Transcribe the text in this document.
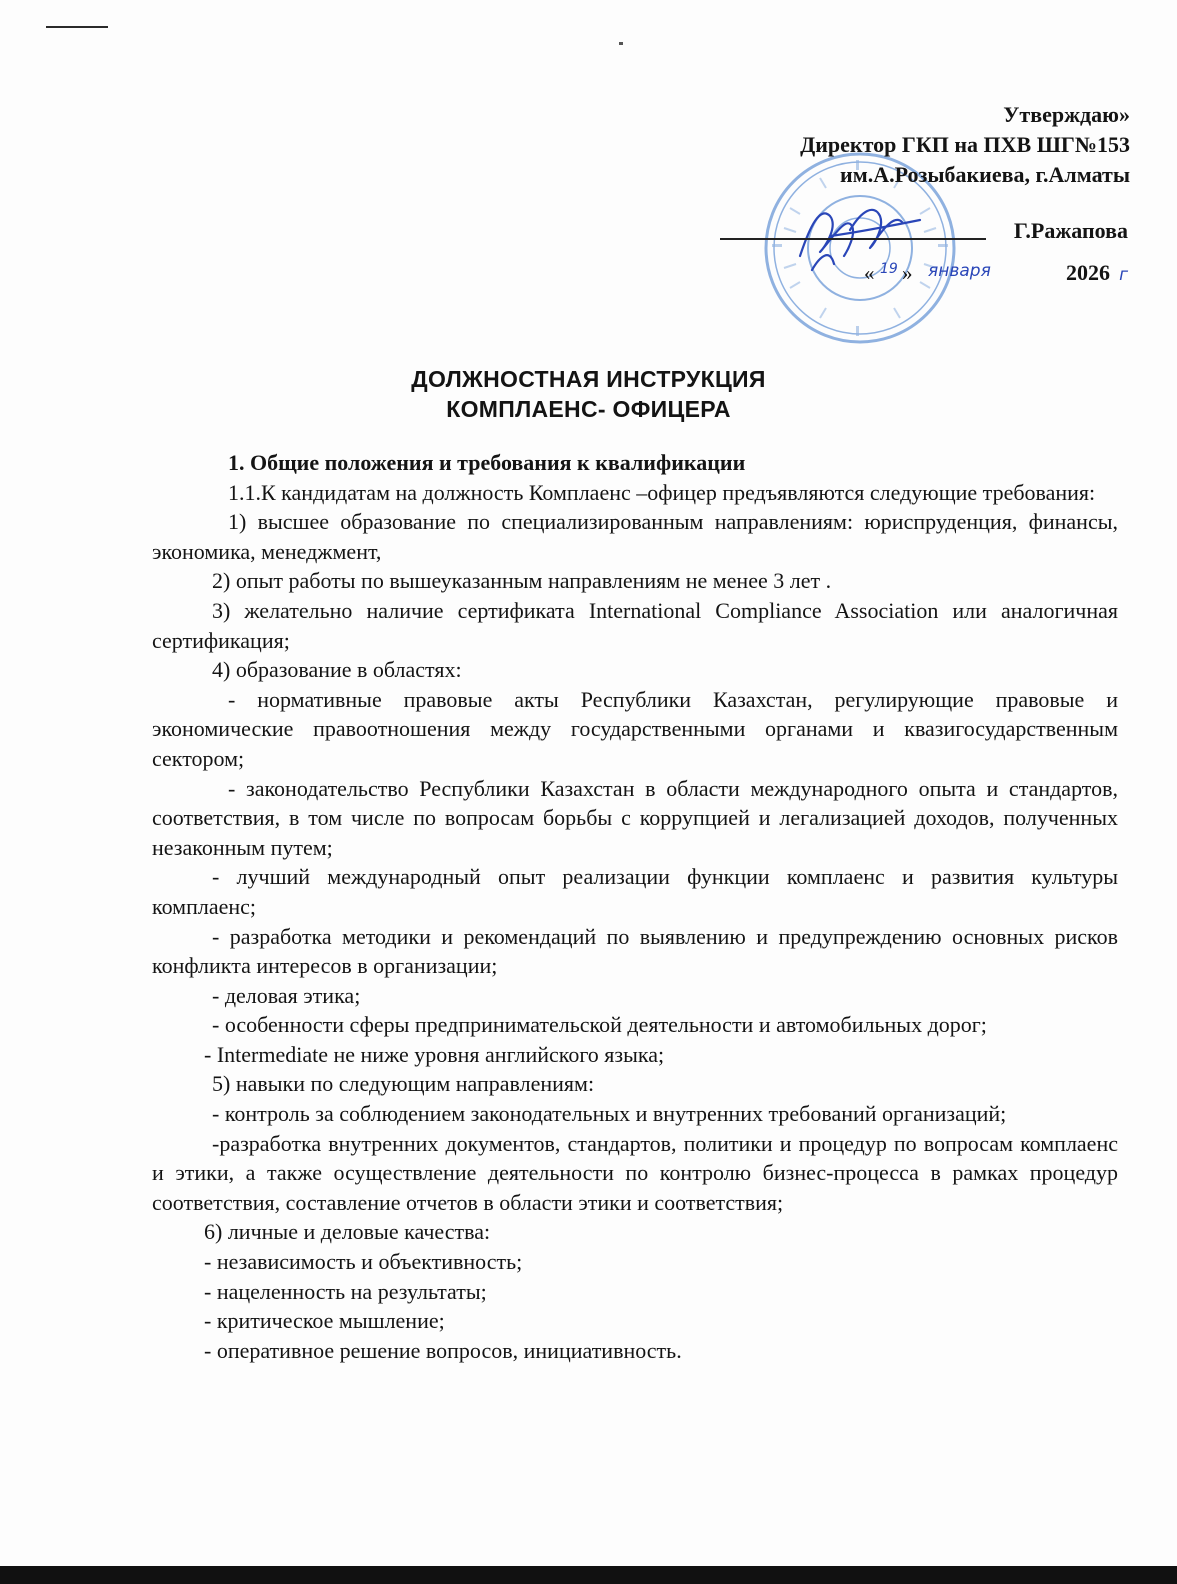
Утверждаю»
Директор ГКП на ПХВ ШГ№153
им.А.Розыбакиева, г.Алматы
Г.Ражапова
« 19 » января	2026 г
ДОЛЖНОСТНАЯ ИНСТРУКЦИЯ
КОМПЛАЕНС- ОФИЦЕРА

1. Общие положения и требования к квалификации

1.1.К кандидатам на должность Комплаенс –офицер предъявляются следующие требования:

1) высшее образование по специализированным направлениям: юриспруденция, финансы, экономика, менеджмент,

2) опыт работы по вышеуказанным направлениям не менее 3 лет .

3) желательно наличие сертификата International Compliance Association или аналогичная сертификация;

4) образование в областях:

- нормативные правовые акты Республики Казахстан, регулирующие правовые и экономические правоотношения между государственными органами и квазигосударственным сектором;

- законодательство Республики Казахстан в области международного опыта и стандартов, соответствия, в том числе по вопросам борьбы с коррупцией и легализацией доходов, полученных незаконным путем;

- лучший международный опыт реализации функции комплаенс и развития культуры комплаенс;

- разработка методики и рекомендаций по выявлению и предупреждению основных рисков конфликта интересов в организации;

- деловая этика;

- особенности сферы предпринимательской деятельности и автомобильных дорог;

- Intermediate не ниже уровня английского языка;

5) навыки по следующим направлениям:

- контроль за соблюдением законодательных и внутренних требований организаций;

-разработка внутренних документов, стандартов, политики и процедур по вопросам комплаенс и этики, а также осуществление деятельности по контролю бизнес-процесса в рамках процедур соответствия, составление отчетов в области этики и соответствия;

6) личные и деловые качества:

- независимость и объективность;

- нацеленность на результаты;

- критическое мышление;

- оперативное решение вопросов, инициативность.
